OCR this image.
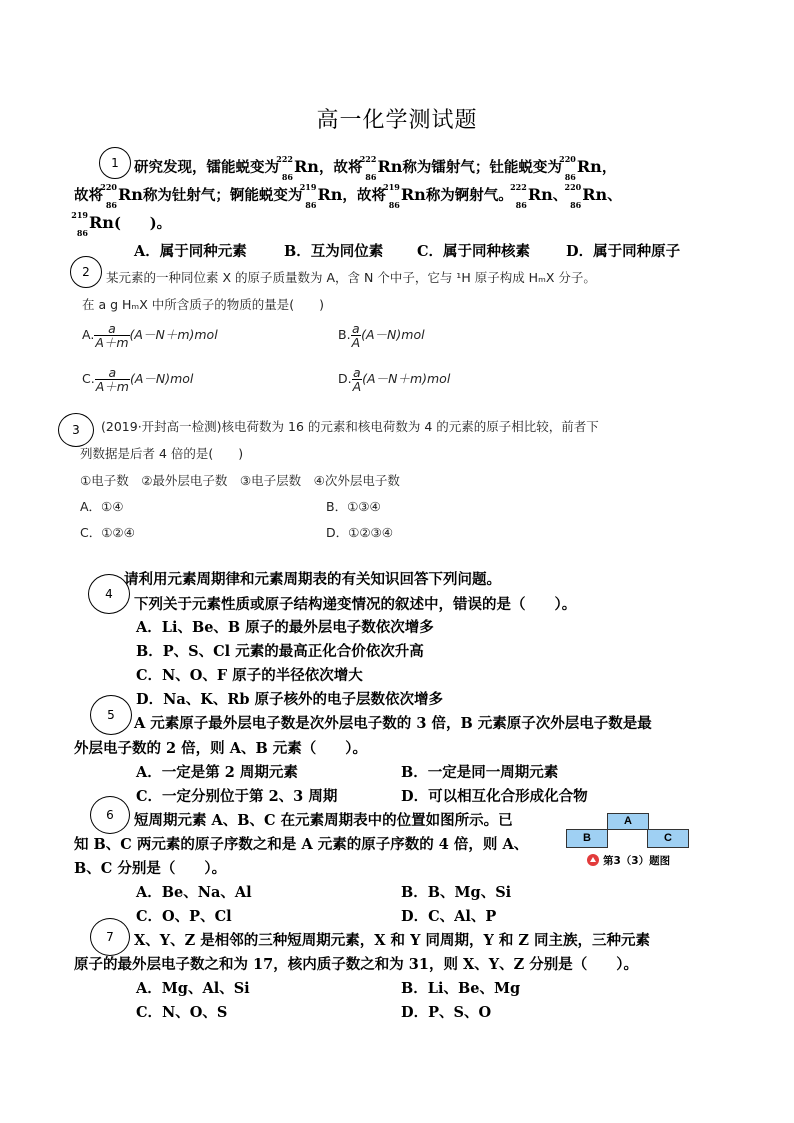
高一化学测试题
1	研究发现，镭能蜕变为
222
86
Rn，故将
222
86
Rn称为镭射气；钍能蜕变为
220
86
Rn，
故将
220
86
Rn称为钍射气；锕能蜕变为
219
86
Rn，故将
219
86
Rn称为锕射气。
222
86
Rn、
220
86
Rn、
219
86
Rn(　　)。
A．属于同种元素	B．互为同位素 C．属于同种核素 D．属于同种原子
2	某元素的一种同位素 X 的原子质量数为 A，含 N 个中子，它与 ¹H 原子构成 HₘX 分子。
在 a g HₘX 中所含质子的物质的量是(　　)
A. $\frac{a}{A+m} (A-N+m)mol$	B. $\frac{a}{A} (A-N)mol$
C. $\frac{a}{A+m} (A-N)mol$	D. $\frac{a}{A} (A-N+m)mol$
3	(2019·开封高一检测)核电荷数为 16 的元素和核电荷数为 4 的元素的原子相比较，前者下
列数据是后者 4 倍的是(　　)
①电子数　②最外层电子数　③电子层数　④次外层电子数
A．①④	B．①③④
C．①②④	D．①②③④
请利用元素周期律和元素周期表的有关知识回答下列问题。
4
下列关于元素性质或原子结构递变情况的叙述中，错误的是（　　）。
A．Li、Be、B 原子的最外层电子数依次增多
B．P、S、Cl 元素的最高正化合价依次升高
C．N、O、F 原子的半径依次增大
D．Na、K、Rb 原子核外的电子层数依次增多
5	A 元素原子最外层电子数是次外层电子数的 3 倍，B 元素原子次外层电子数是最
外层电子数的 2 倍，则 A、B 元素（　　）。
A．一定是第 2 周期元素	B．一定是同一周期元素
C．一定分别位于第 2、3 周期	D．可以相互化合形成化合物
6	短周期元素 A、B、C 在元素周期表中的位置如图所示。已
知 B、C 两元素的原子序数之和是 A 元素的原子序数的 4 倍，则 A、
B、C 分别是（　　）。
A
B	C
第3（3）题图
A．Be、Na、Al	B．B、Mg、Si
C．O、P、Cl	D．C、Al、P
7	X、Y、Z 是相邻的三种短周期元素，X 和 Y 同周期，Y 和 Z 同主族，三种元素
原子的最外层电子数之和为 17，核内质子数之和为 31，则 X、Y、Z 分别是（　　）。
A．Mg、Al、Si	B．Li、Be、Mg
C．N、O、S	D．P、S、O
